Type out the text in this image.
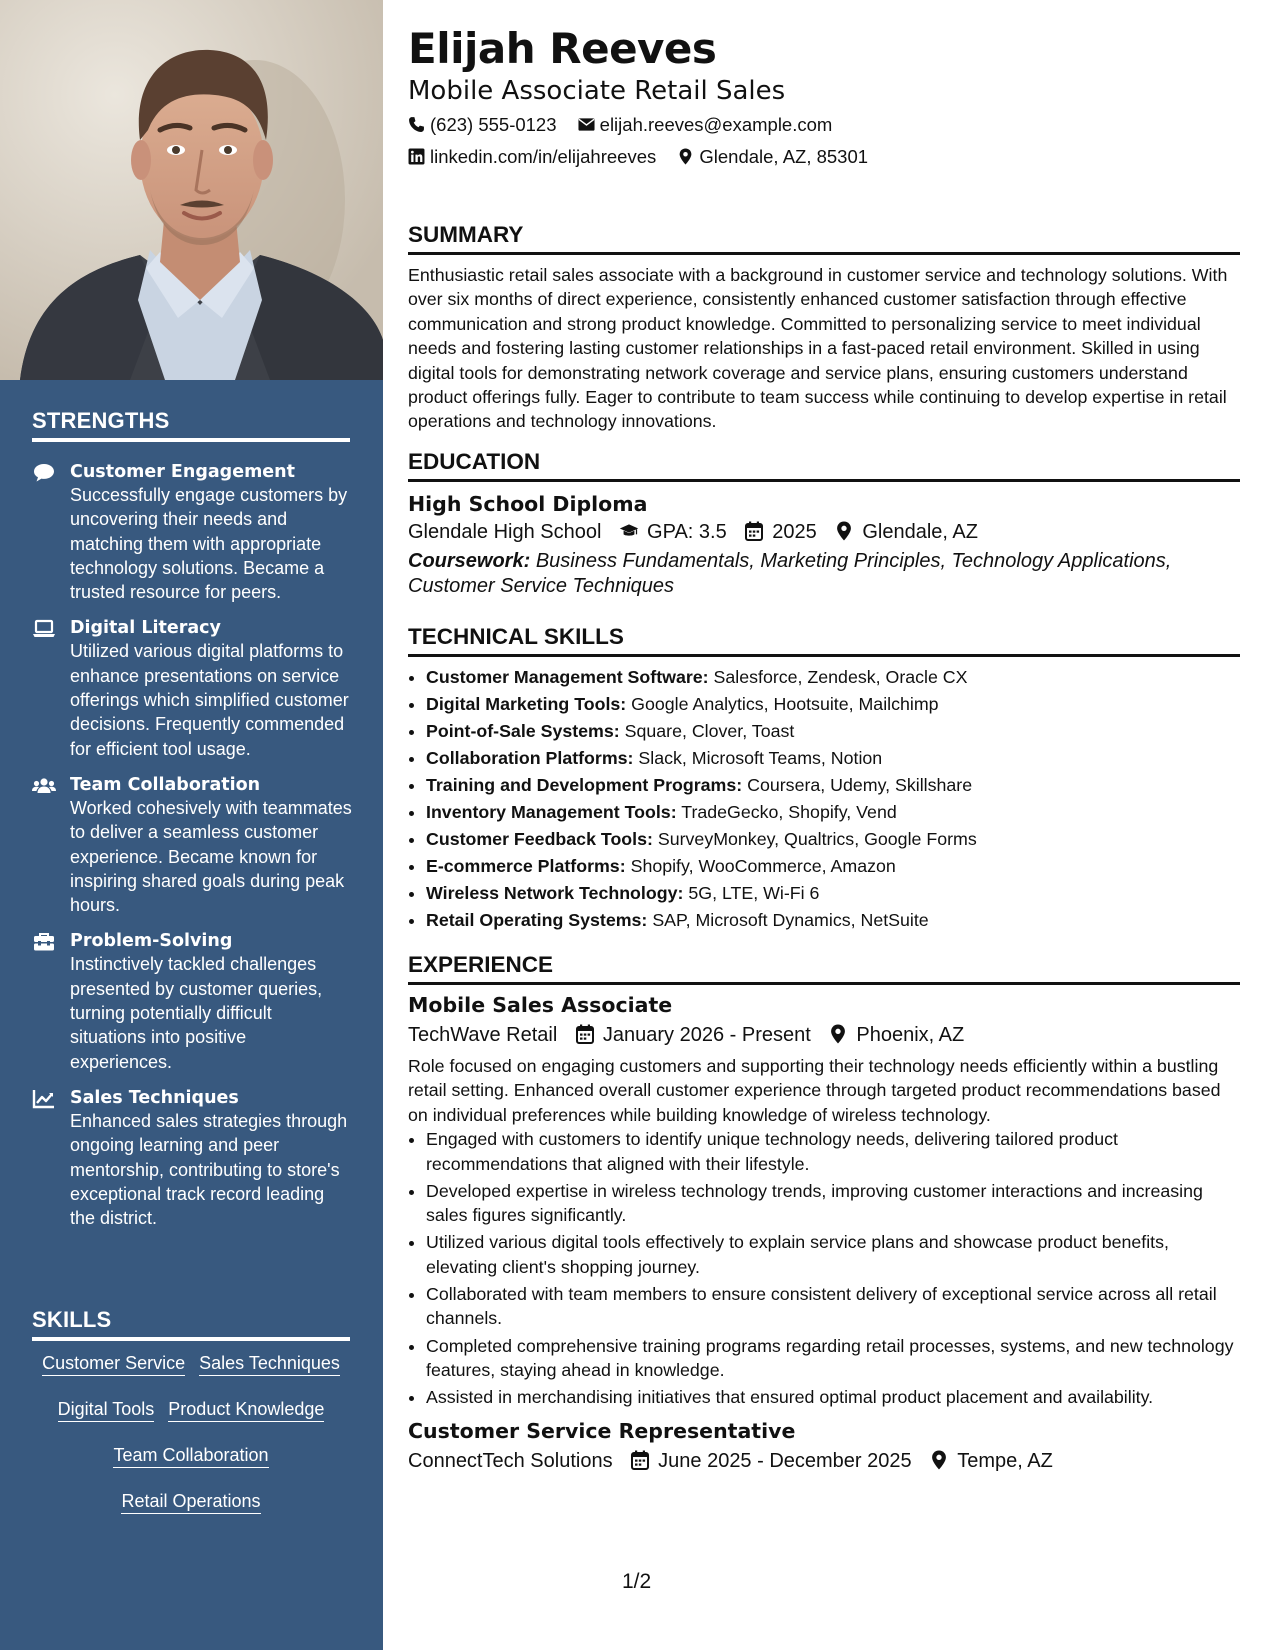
STRENGTHS
Customer Engagement
Successfully engage customers by uncovering their needs and matching them with appropriate technology solutions. Became a trusted resource for peers.
Digital Literacy
Utilized various digital platforms to enhance presentations on service offerings which simplified customer decisions. Frequently commended for efficient tool usage.
Team Collaboration
Worked cohesively with teammates to deliver a seamless customer experience. Became known for inspiring shared goals during peak hours.
Problem-Solving
Instinctively tackled challenges presented by customer queries, turning potentially difficult situations into positive experiences.
Sales Techniques
Enhanced sales strategies through ongoing learning and peer mentorship, contributing to store's exceptional track record leading the district.
SKILLS
Customer Service Sales Techniques
Digital Tools Product Knowledge
Team Collaboration
Retail Operations
Elijah Reeves
Mobile Associate Retail Sales
(623) 555-0123 elijah.reeves@example.com
linkedin.com/in/elijahreeves Glendale, AZ, 85301
SUMMARY
Enthusiastic retail sales associate with a background in customer service and technology solutions. With over six months of direct experience, consistently enhanced customer satisfaction through effective communication and strong product knowledge. Committed to personalizing service to meet individual needs and fostering lasting customer relationships in a fast-paced retail environment. Skilled in using digital tools for demonstrating network coverage and service plans, ensuring customers understand product offerings fully. Eager to contribute to team success while continuing to develop expertise in retail operations and technology innovations.
EDUCATION
High School Diploma
Glendale High School GPA: 3.5 2025 Glendale, AZ
Coursework: Business Fundamentals, Marketing Principles, Technology Applications, Customer Service Techniques
TECHNICAL SKILLS
• Customer Management Software: Salesforce, Zendesk, Oracle CX
• Digital Marketing Tools: Google Analytics, Hootsuite, Mailchimp
• Point-of-Sale Systems: Square, Clover, Toast
• Collaboration Platforms: Slack, Microsoft Teams, Notion
• Training and Development Programs: Coursera, Udemy, Skillshare
• Inventory Management Tools: TradeGecko, Shopify, Vend
• Customer Feedback Tools: SurveyMonkey, Qualtrics, Google Forms
• E-commerce Platforms: Shopify, WooCommerce, Amazon
• Wireless Network Technology: 5G, LTE, Wi-Fi 6
• Retail Operating Systems: SAP, Microsoft Dynamics, NetSuite
EXPERIENCE
Mobile Sales Associate
TechWave Retail January 2026 - Present Phoenix, AZ
Role focused on engaging customers and supporting their technology needs efficiently within a bustling retail setting. Enhanced overall customer experience through targeted product recommendations based on individual preferences while building knowledge of wireless technology.
• Engaged with customers to identify unique technology needs, delivering tailored product recommendations that aligned with their lifestyle.
• Developed expertise in wireless technology trends, improving customer interactions and increasing sales figures significantly.
• Utilized various digital tools effectively to explain service plans and showcase product benefits, elevating client's shopping journey.
• Collaborated with team members to ensure consistent delivery of exceptional service across all retail channels.
• Completed comprehensive training programs regarding retail processes, systems, and new technology features, staying ahead in knowledge.
• Assisted in merchandising initiatives that ensured optimal product placement and availability.
Customer Service Representative
ConnectTech Solutions June 2025 - December 2025 Tempe, AZ
1/2
